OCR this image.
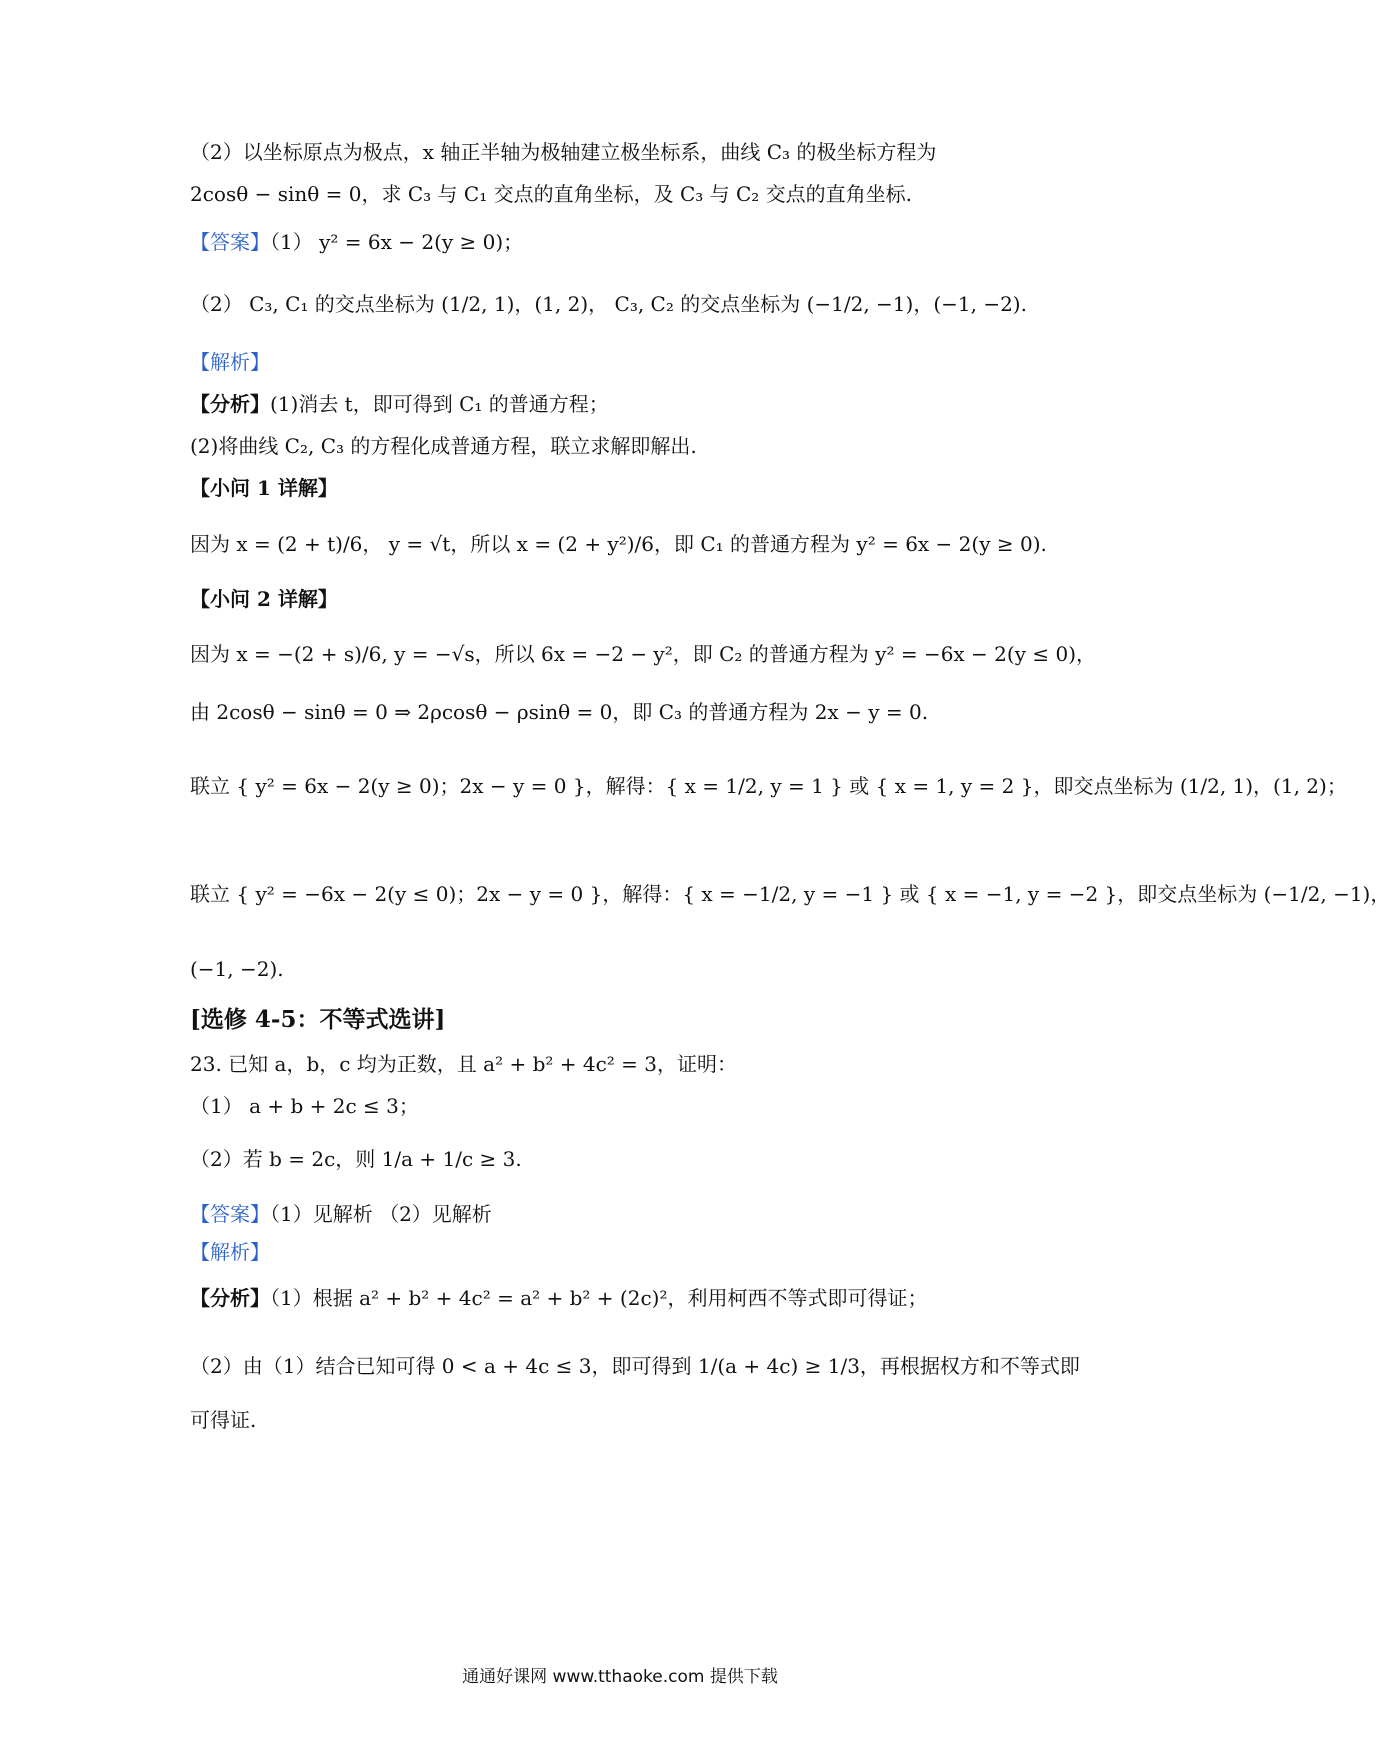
（2）以坐标原点为极点，x 轴正半轴为极轴建立极坐标系，曲线 C₃ 的极坐标方程为
2cosθ − sinθ = 0，求 C₃ 与 C₁ 交点的直角坐标，及 C₃ 与 C₂ 交点的直角坐标.
【答案】（1） y² = 6x − 2(y ≥ 0)；
（2） C₃, C₁ 的交点坐标为 (1/2, 1)，(1, 2)， C₃, C₂ 的交点坐标为 (−1/2, −1)，(−1, −2).
【解析】
【分析】(1)消去 t，即可得到 C₁ 的普通方程；
(2)将曲线 C₂, C₃ 的方程化成普通方程，联立求解即解出.
【小问 1 详解】
因为 x = (2 + t)/6， y = √t，所以 x = (2 + y²)/6，即 C₁ 的普通方程为 y² = 6x − 2(y ≥ 0).
【小问 2 详解】
因为 x = −(2 + s)/6, y = −√s，所以 6x = −2 − y²，即 C₂ 的普通方程为 y² = −6x − 2(y ≤ 0)，
由 2cosθ − sinθ = 0 ⇒ 2ρcosθ − ρsinθ = 0，即 C₃ 的普通方程为 2x − y = 0.
联立 { y² = 6x − 2(y ≥ 0)；2x − y = 0 }，解得：{ x = 1/2, y = 1 } 或 { x = 1, y = 2 }，即交点坐标为 (1/2, 1)，(1, 2)；
联立 { y² = −6x − 2(y ≤ 0)；2x − y = 0 }，解得：{ x = −1/2, y = −1 } 或 { x = −1, y = −2 }，即交点坐标为 (−1/2, −1)，
(−1, −2).
[选修 4-5：不等式选讲]
23. 已知 a，b，c 均为正数，且 a² + b² + 4c² = 3，证明：
（1） a + b + 2c ≤ 3；
（2）若 b = 2c，则 1/a + 1/c ≥ 3.
【答案】（1）见解析 （2）见解析
【解析】
【分析】（1）根据 a² + b² + 4c² = a² + b² + (2c)²，利用柯西不等式即可得证；
（2）由（1）结合已知可得 0 < a + 4c ≤ 3，即可得到 1/(a + 4c) ≥ 1/3，再根据权方和不等式即
可得证.
通通好课网 www.tthaoke.com 提供下载
